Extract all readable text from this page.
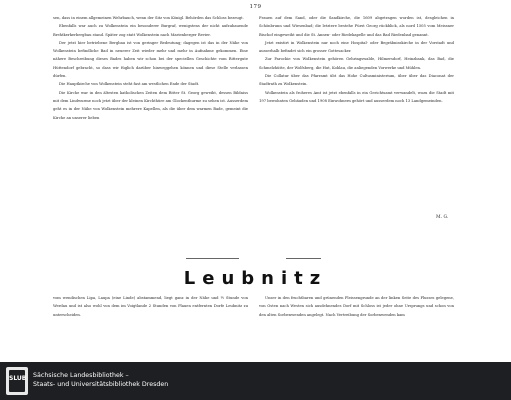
179

sen, dass in einem allgemeinen Wehrbauch, wenn der Sitz von Königl. Behörden das Schloss bezeugt.

Ebenfalls war auch zu Wolkenstein ein besonderer Burgraf, wenigstens der nicht aufzubauende Brehtkerkerbergbau stand. Später zog statt Wolkenstein nach Marienberger Revier.

Der jetzt hier betriebene Bergbau ist von geringer Bedeutung; dagegen ist das in der Nähe von Wolkenstein befindliche Bad in neuerer Zeit wieder mehr und mehr in Aufnahme gekommen. Eine nähere Beschreibung dieses Bades haben wir schon bei der speciellen Geschichte vom Rittergute Hüttendorf gebracht, so dass wir füglich darüber hinweggehen können und diese Stelle verlassen dürfen.

Die Hauptkirche von Wolkenstein steht fast am westlichen Ende der Stadt.

Die Kirche war in den ältesten katholischen Zeiten dem Ritter St. Georg geweiht, dessen Bildniss mit dem Lindwurme noch jetzt über der kleinen Kirchthüre am Glockenthurme zu sehen ist. Ausserdem geht es in der Nähe von Wolkenstein mehrere Kapellen, als die über dem warmen Bade, gemeint die Kirche an unserer lieben

Frauen auf dem Sand, oder die Sandkirche, die 1609 abgetragen worden ist, desgleichen in Schönbrunn und Wiesenbad; die letztere bestehe Fürst Georg rückblick, als nord 1505 vom Meissner Bischof eingeweiht und die St. Annen- oder Riedekapelle und das Bad Riedenbad genannt.

Jetzt existirt in Wolkenstein nur noch eine Hospital- oder Begräbnisskirche in der Vorstadt und ausserhalb befindet sich ein grosser Gottesacker.

Zur Parochie von Wolkenstein gehören Gehringswalde, Hilmersdorf, Heinzbank, das Bad, die Schmelzhütte, der Wolfsberg, die Hut, Kohlau, die anliegenden Vorwerke und Mühlen.

Die Collatur über das Pfarramt übt das Hohe Cultusministerium, über über das Diaconat der Stadtrath zu Wolkenstein.

Wolkenstein als froheres Amt ist jetzt ebenfalls in ein Gerichtsamt verwandelt, wozu die Stadt mit 197 bewohnten Gebäuden und 1908 Einwohnern gehört und ausserdem noch 13 Landgemeinden.

M. G.
Leubnitz

vom wendischen Lipa, Laupa (eine Linde) abstammend, liegt ganz in der Nähe und ½ Stunde von Werdau und ist also wohl von dem im Voigtlande 2 Stunden von Plauen entfernten Dorfe Leubnitz zu unterscheiden.

Unser in den fruchtbaren und grünenden Pleissengrunde an der linken Seite des Flusses gelegene, von Osten nach Westen sich ausdehnendes Dorf mit Schloss ist jeder ohne Ursprungs und schon von den alten Sorbenwenden angelegt. Nach Vertreibung der Sorbenwenden kam

SLUB Sächsische Landesbibliothek –
Staats- und Universitätsbibliothek Dresden
